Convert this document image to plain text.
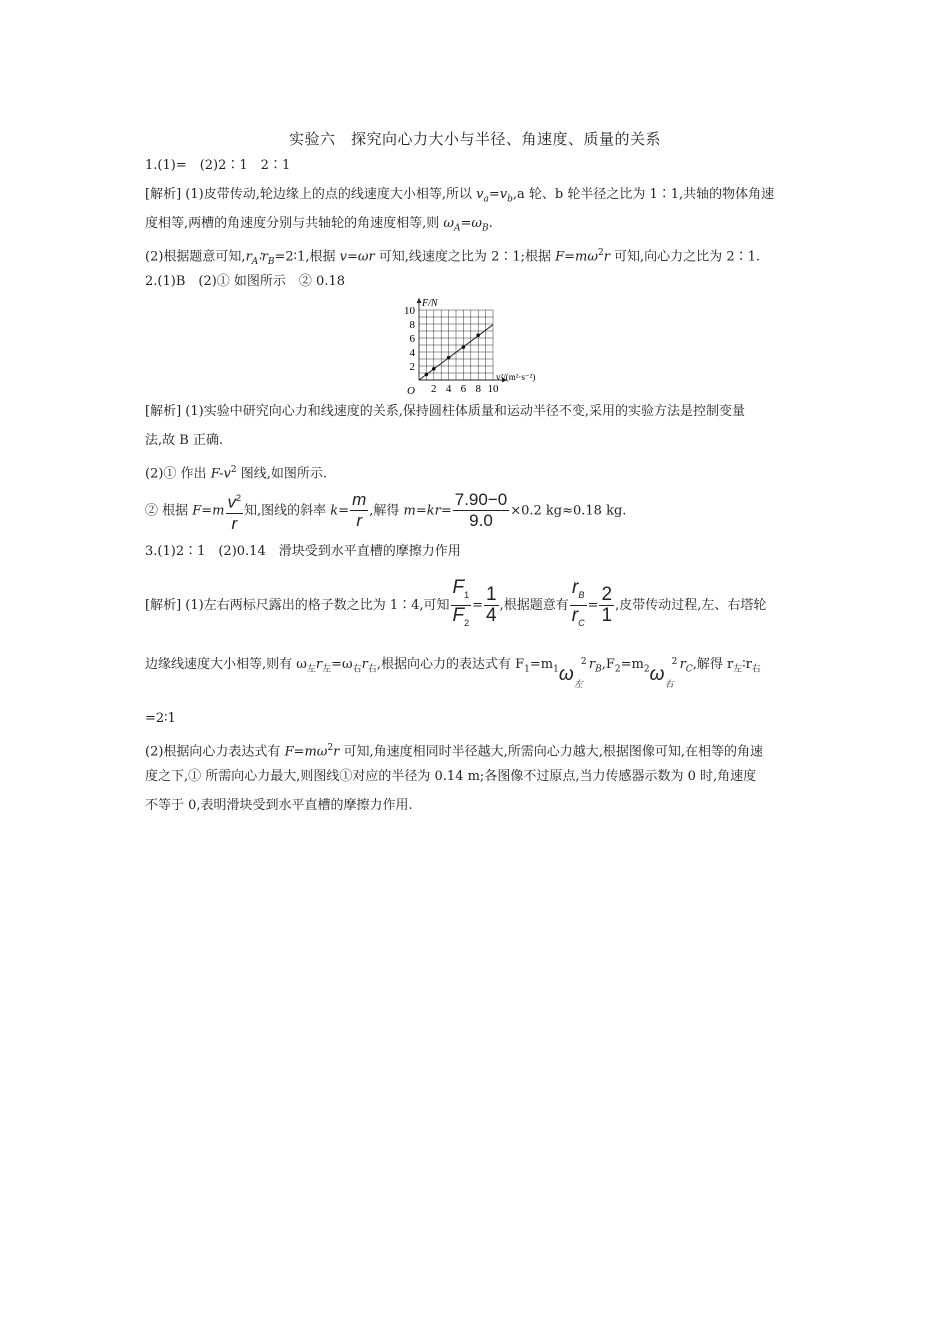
实验六　探究向心力大小与半径、角速度、质量的关系
1.(1)=　(2)2∶1　2∶1
[解析] (1)皮带传动,轮边缘上的点的线速度大小相等,所以 $v_a=v_b,a$ 轮、b 轮半径之比为 1∶1,共轴的物体角速
度相等,两槽的角速度分别与共轴轮的角速度相等,则 $\omega_A=\omega_B$.
(2)根据题意可知$,r_A∶r_B=2∶1$,根据 v=ωr 可知,线速度之比为 2∶1;根据 $F=m\omega^2r$ 可知,向心力之比为 2∶1.
2.(1)B　(2)① 如图所示　② 0.18
2 4 6 8 10
2
4
6
8
10
F/N
v²/(m²·s⁻²)
O
[解析] (1)实验中研究向心力和线速度的关系,保持圆柱体质量和运动半径不变,采用的实验方法是控制变量
法,故 B 正确.
(2)① 作出 $F-v^2$ 图线,如图所示.
② 根据 $F=m \frac{v^2}{r}$ 知,图线的斜率 $k= \frac{m}{r}$ ,解得 $m=kr= \frac{7.90-0}{9.0} \times 0.2$ kg≈0.18 kg.
3.(1)2∶1　(2)0.14　滑块受到水平直槽的摩擦力作用
[解析] (1)左右两标尺露出的格子数之比为 1∶4,可知 $\frac{F_1}{F_2} = \frac{1}{4}$ ,根据题意有 $\frac{r_B}{r_C} = \frac{2}{1}$ ,皮带传动过程,左、右塔轮
边缘线速度大小相等,则有 $\omega_左r_左=\omega_右r_右$,根据向心力的表达式有 $F_1=m_1$ ω 左
2 $r_B,F_2=m_2$ ω 右
2 $r_C$,解得 $r_左∶r_右$
=2∶1
(2)根据向心力表达式有 $F=m\omega^2r$ 可知,角速度相同时半径越大,所需向心力越大,根据图像可知,在相等的角速
度之下,① 所需向心力最大,则图线①对应的半径为 0.14 m;各图像不过原点,当力传感器示数为 0 时,角速度
不等于 0,表明滑块受到水平直槽的摩擦力作用.
